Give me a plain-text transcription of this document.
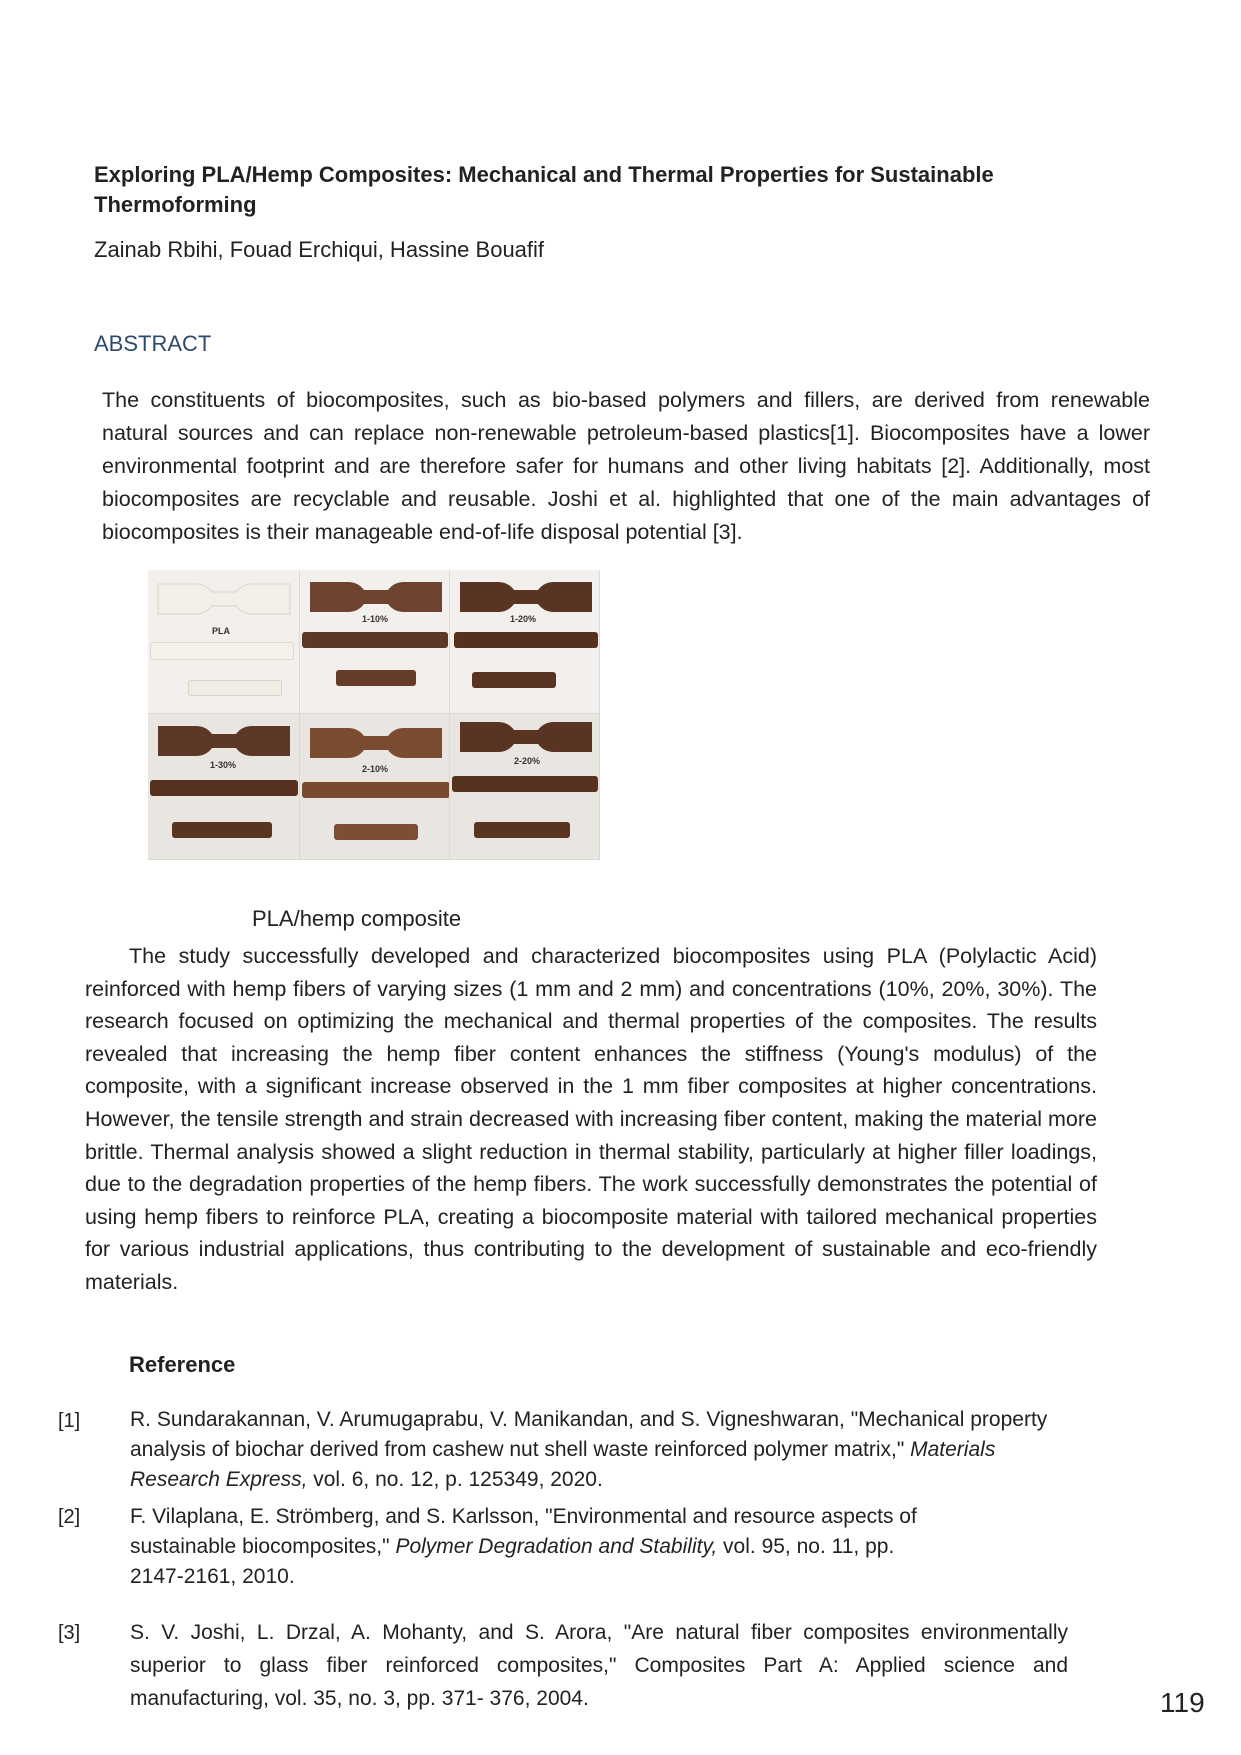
Exploring PLA/Hemp Composites: Mechanical and Thermal Properties for Sustainable Thermoforming
Zainab Rbihi, Fouad Erchiqui, Hassine Bouafif
ABSTRACT

The constituents of biocomposites, such as bio-based polymers and fillers, are derived from renewable natural sources and can replace non-renewable petroleum-based plastics[1]. Biocomposites have a lower environmental footprint and are therefore safer for humans and other living habitats [2]. Additionally, most biocomposites are recyclable and reusable. Joshi et al. highlighted that one of the main advantages of biocomposites is their manageable end-of-life disposal potential [3].

PLA
1-10%	1-20%
1-30%	2-10%
2-20%
PLA/hemp composite

The study successfully developed and characterized biocomposites using PLA (Polylactic Acid) reinforced with hemp fibers of varying sizes (1 mm and 2 mm) and concentrations (10%, 20%, 30%). The research focused on optimizing the mechanical and thermal properties of the composites. The results revealed that increasing the hemp fiber content enhances the stiffness (Young's modulus) of the composite, with a significant increase observed in the 1 mm fiber composites at higher concentrations. However, the tensile strength and strain decreased with increasing fiber content, making the material more brittle. Thermal analysis showed a slight reduction in thermal stability, particularly at higher filler loadings, due to the degradation properties of the hemp fibers. The work successfully demonstrates the potential of using hemp fibers to reinforce PLA, creating a biocomposite material with tailored mechanical properties for various industrial applications, thus contributing to the development of sustainable and eco-friendly materials.

Reference
[1] R. Sundarakannan, V. Arumugaprabu, V. Manikandan, and S. Vigneshwaran, "Mechanical property analysis of biochar derived from cashew nut shell waste reinforced polymer matrix," Materials Research Express, vol. 6, no. 12, p. 125349, 2020.

[2] F. Vilaplana, E. Strömberg, and S. Karlsson, "Environmental and resource aspects of sustainable biocomposites," Polymer Degradation and Stability, vol. 95, no. 11, pp. 2147-2161, 2010.

[3] S. V. Joshi, L. Drzal, A. Mohanty, and S. Arora, "Are natural fiber composites environmentally superior to glass fiber reinforced composites," Composites Part A: Applied science and manufacturing, vol. 35, no. 3, pp. 371- 376, 2004.	119
